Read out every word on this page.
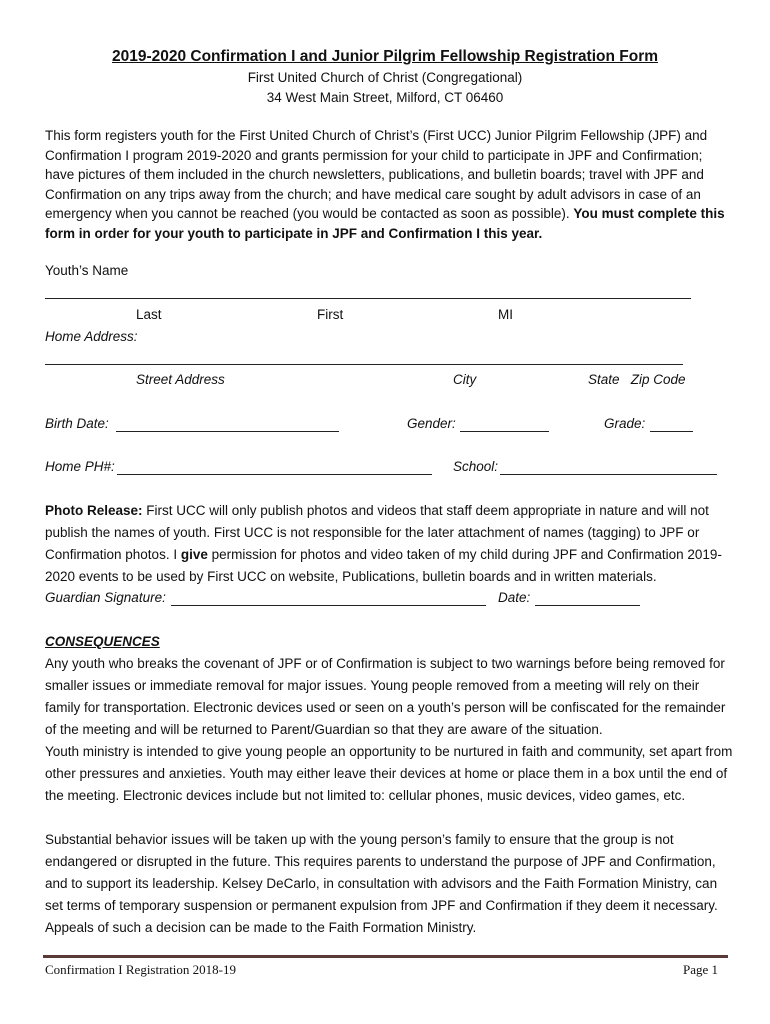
2019-2020 Confirmation I and Junior Pilgrim Fellowship Registration Form
First United Church of Christ (Congregational)
34 West Main Street, Milford, CT 06460
This form registers youth for the First United Church of Christ’s (First UCC) Junior Pilgrim Fellowship (JPF) and Confirmation I program 2019-2020 and grants permission for your child to participate in JPF and Confirmation; have pictures of them included in the church newsletters, publications, and bulletin boards; travel with JPF and Confirmation on any trips away from the church; and have medical care sought by adult advisors in case of an emergency when you cannot be reached (you would be contacted as soon as possible). You must complete this form in order for your youth to participate in JPF and Confirmation I this year.
Youth’s Name
Last	First	MI
Home Address:
Street Address	City	State   Zip Code
Birth Date:	Gender:	Grade:
Home PH#:	School:
Photo Release: First UCC will only publish photos and videos that staff deem appropriate in nature and will not publish the names of youth. First UCC is not responsible for the later attachment of names (tagging) to JPF or Confirmation photos. I give permission for photos and video taken of my child during JPF and Confirmation 2019-2020 events to be used by First UCC on website, Publications, bulletin boards and in written materials.
Guardian Signature:	Date:
CONSEQUENCES
Any youth who breaks the covenant of JPF or of Confirmation is subject to two warnings before being removed for smaller issues or immediate removal for major issues. Young people removed from a meeting will rely on their family for transportation. Electronic devices used or seen on a youth’s person will be confiscated for the remainder of the meeting and will be returned to Parent/Guardian so that they are aware of the situation.
Youth ministry is intended to give young people an opportunity to be nurtured in faith and community, set apart from other pressures and anxieties. Youth may either leave their devices at home or place them in a box until the end of the meeting. Electronic devices include but not limited to: cellular phones, music devices, video games, etc.
Substantial behavior issues will be taken up with the young person’s family to ensure that the group is not endangered or disrupted in the future. This requires parents to understand the purpose of JPF and Confirmation, and to support its leadership. Kelsey DeCarlo, in consultation with advisors and the Faith Formation Ministry, can set terms of temporary suspension or permanent expulsion from JPF and Confirmation if they deem it necessary. Appeals of such a decision can be made to the Faith Formation Ministry.
Confirmation I Registration 2018-19	Page 1
